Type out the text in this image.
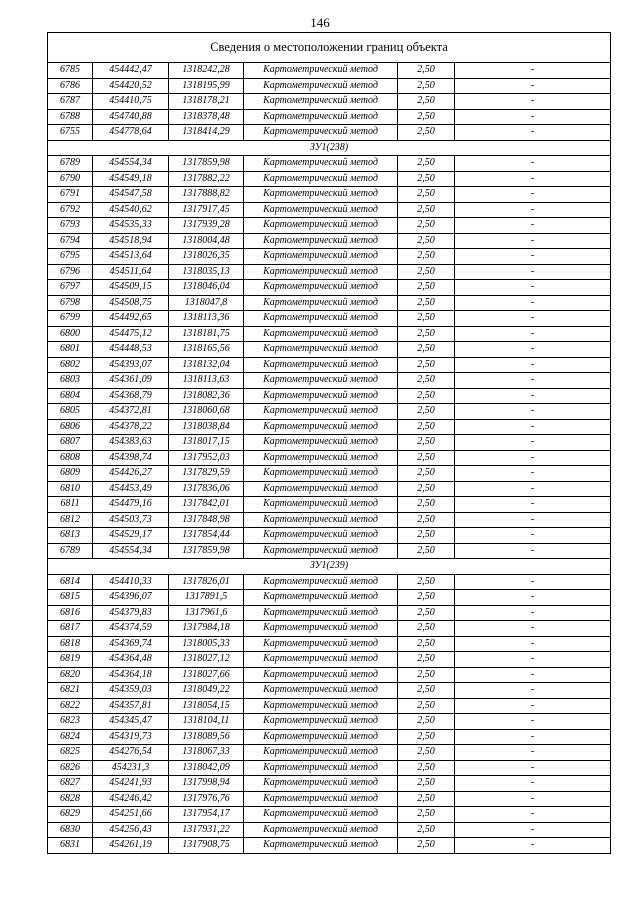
146
Сведения о местоположении границ объекта					
6785	454442,47	1318242,28	Картометрический метод	2,50	-
6786	454420,52	1318195,99	Картометрический метод	2,50	-
6787	454410,75	1318178,21	Картометрический метод	2,50	-
6788	454740,88	1318378,48	Картометрический метод	2,50	-
6755	454778,64	1318414,29	Картометрический метод	2,50	-
ЗУ1(238)					
6789	454554,34	1317859,98	Картометрический метод	2,50	-
6790	454549,18	1317882,22	Картометрический метод	2,50	-
6791	454547,58	1317888,82	Картометрический метод	2,50	-
6792	454540,62	1317917,45	Картометрический метод	2,50	-
6793	454535,33	1317939,28	Картометрический метод	2,50	-
6794	454518,94	1318004,48	Картометрический метод	2,50	-
6795	454513,64	1318026,35	Картометрический метод	2,50	-
6796	454511,64	1318035,13	Картометрический метод	2,50	-
6797	454509,15	1318046,04	Картометрический метод	2,50	-
6798	454508,75	1318047,8	Картометрический метод	2,50	-
6799	454492,65	1318113,36	Картометрический метод	2,50	-
6800	454475,12	1318181,75	Картометрический метод	2,50	-
6801	454448,53	1318165,56	Картометрический метод	2,50	-
6802	454393,07	1318132,04	Картометрический метод	2,50	-
6803	454361,09	1318113,63	Картометрический метод	2,50	-
6804	454368,79	1318082,36	Картометрический метод	2,50	-
6805	454372,81	1318060,68	Картометрический метод	2,50	-
6806	454378,22	1318038,84	Картометрический метод	2,50	-
6807	454383,63	1318017,15	Картометрический метод	2,50	-
6808	454398,74	1317952,03	Картометрический метод	2,50	-
6809	454426,27	1317829,59	Картометрический метод	2,50	-
6810	454453,49	1317836,06	Картометрический метод	2,50	-
6811	454479,16	1317842,01	Картометрический метод	2,50	-
6812	454503,73	1317848,98	Картометрический метод	2,50	-
6813	454529,17	1317854,44	Картометрический метод	2,50	-
6789	454554,34	1317859,98	Картометрический метод	2,50	-
ЗУ1(239)					
6814	454410,33	1317826,01	Картометрический метод	2,50	-
6815	454396,07	1317891,5	Картометрический метод	2,50	-
6816	454379,83	1317961,6	Картометрический метод	2,50	-
6817	454374,59	1317984,18	Картометрический метод	2,50	-
6818	454369,74	1318005,33	Картометрический метод	2,50	-
6819	454364,48	1318027,12	Картометрический метод	2,50	-
6820	454364,18	1318027,66	Картометрический метод	2,50	-
6821	454359,03	1318049,22	Картометрический метод	2,50	-
6822	454357,81	1318054,15	Картометрический метод	2,50	-
6823	454345,47	1318104,11	Картометрический метод	2,50	-
6824	454319,73	1318089,56	Картометрический метод	2,50	-
6825	454276,54	1318067,33	Картометрический метод	2,50	-
6826	454231,3	1318042,09	Картометрический метод	2,50	-
6827	454241,93	1317998,94	Картометрический метод	2,50	-
6828	454246,42	1317976,76	Картометрический метод	2,50	-
6829	454251,66	1317954,17	Картометрический метод	2,50	-
6830	454256,43	1317931,22	Картометрический метод	2,50	-
6831	454261,19	1317908,75	Картометрический метод	2,50	-
